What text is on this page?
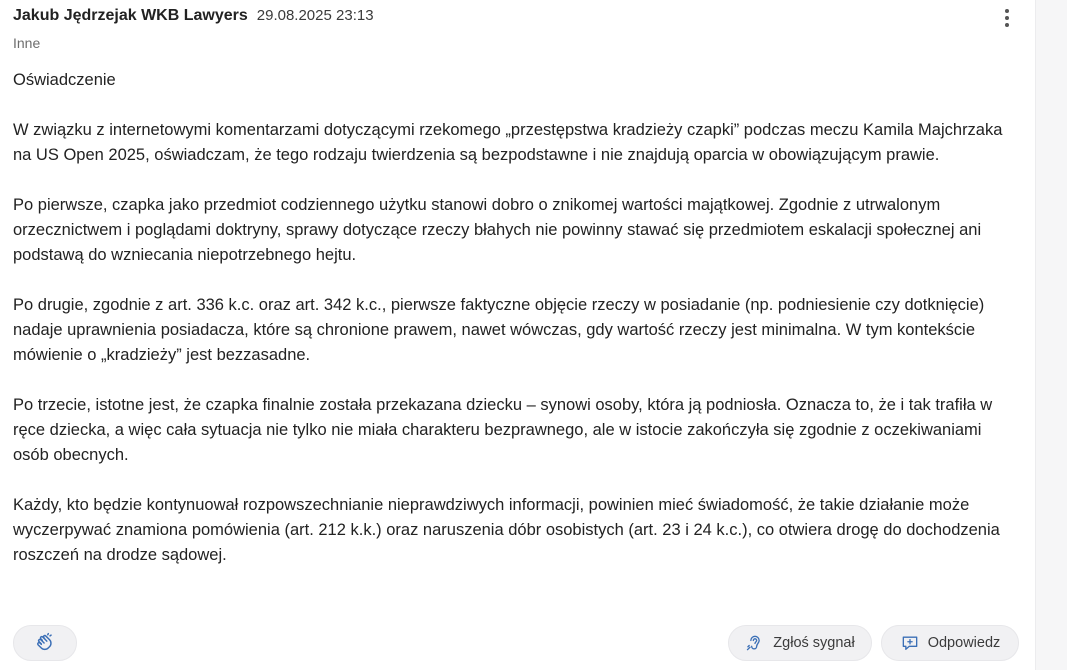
Jakub Jędrzejak WKB Lawyers 29.08.2025 23:13
Inne

Oświadczenie

W związku z internetowymi komentarzami dotyczącymi rzekomego „przestępstwa kradzieży czapki” podczas meczu Kamila Majchrzaka na US Open 2025, oświadczam, że tego rodzaju twierdzenia są bezpodstawne i nie znajdują oparcia w obowiązującym prawie.

Po pierwsze, czapka jako przedmiot codziennego użytku stanowi dobro o znikomej wartości majątkowej. Zgodnie z utrwalonym orzecznictwem i poglądami doktryny, sprawy dotyczące rzeczy błahych nie powinny stawać się przedmiotem eskalacji społecznej ani podstawą do wzniecania niepotrzebnego hejtu.

Po drugie, zgodnie z art. 336 k.c. oraz art. 342 k.c., pierwsze faktyczne objęcie rzeczy w posiadanie (np. podniesienie czy dotknięcie) nadaje uprawnienia posiadacza, które są chronione prawem, nawet wówczas, gdy wartość rzeczy jest minimalna. W tym kontekście mówienie o „kradzieży” jest bezzasadne.

Po trzecie, istotne jest, że czapka finalnie została przekazana dziecku – synowi osoby, która ją podniosła. Oznacza to, że i tak trafiła w ręce dziecka, a więc cała sytuacja nie tylko nie miała charakteru bezprawnego, ale w istocie zakończyła się zgodnie z oczekiwaniami osób obecnych.

Każdy, kto będzie kontynuował rozpowszechnianie nieprawdziwych informacji, powinien mieć świadomość, że takie działanie może wyczerpywać znamiona pomówienia (art. 212 k.k.) oraz naruszenia dóbr osobistych (art. 23 i 24 k.c.), co otwiera drogę do dochodzenia roszczeń na drodze sądowej.

Zgłoś sygnał	Odpowiedz
